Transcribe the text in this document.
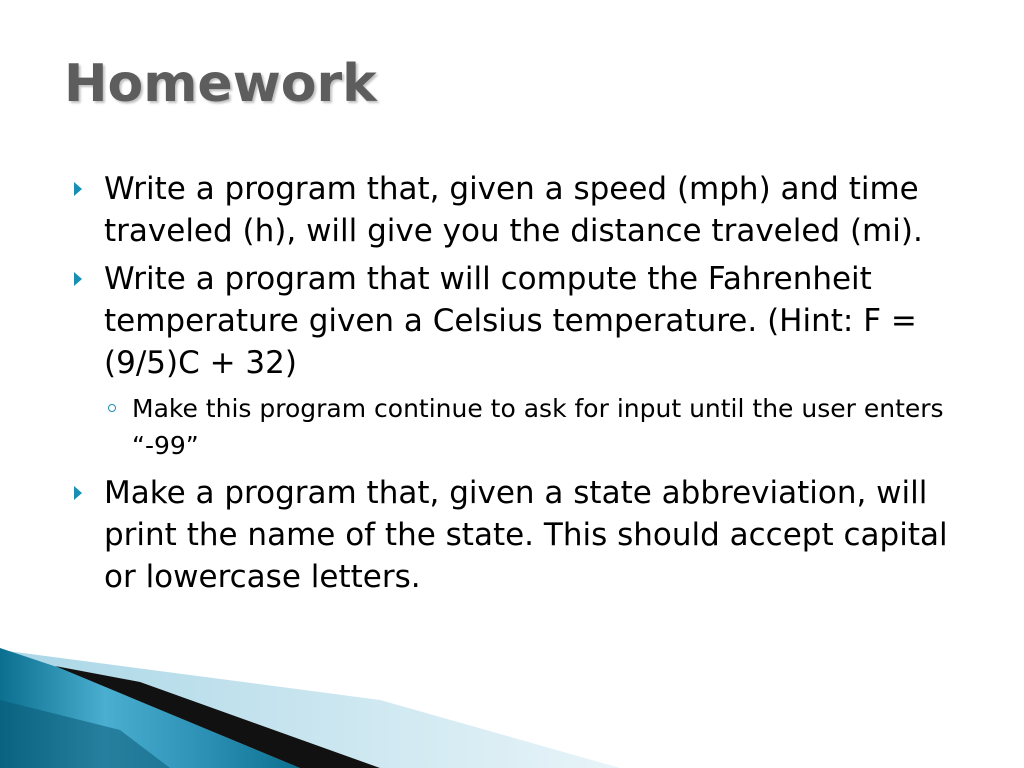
Homework
Write a program that, given a speed (mph) and time traveled (h), will give you the distance traveled (mi).
Write a program that will compute the Fahrenheit temperature given a Celsius temperature. (Hint: F = (9/5)C + 32)
Make this program continue to ask for input until the user enters “-99”
Make a program that, given a state abbreviation, will print the name of the state. This should accept capital or lowercase letters.
